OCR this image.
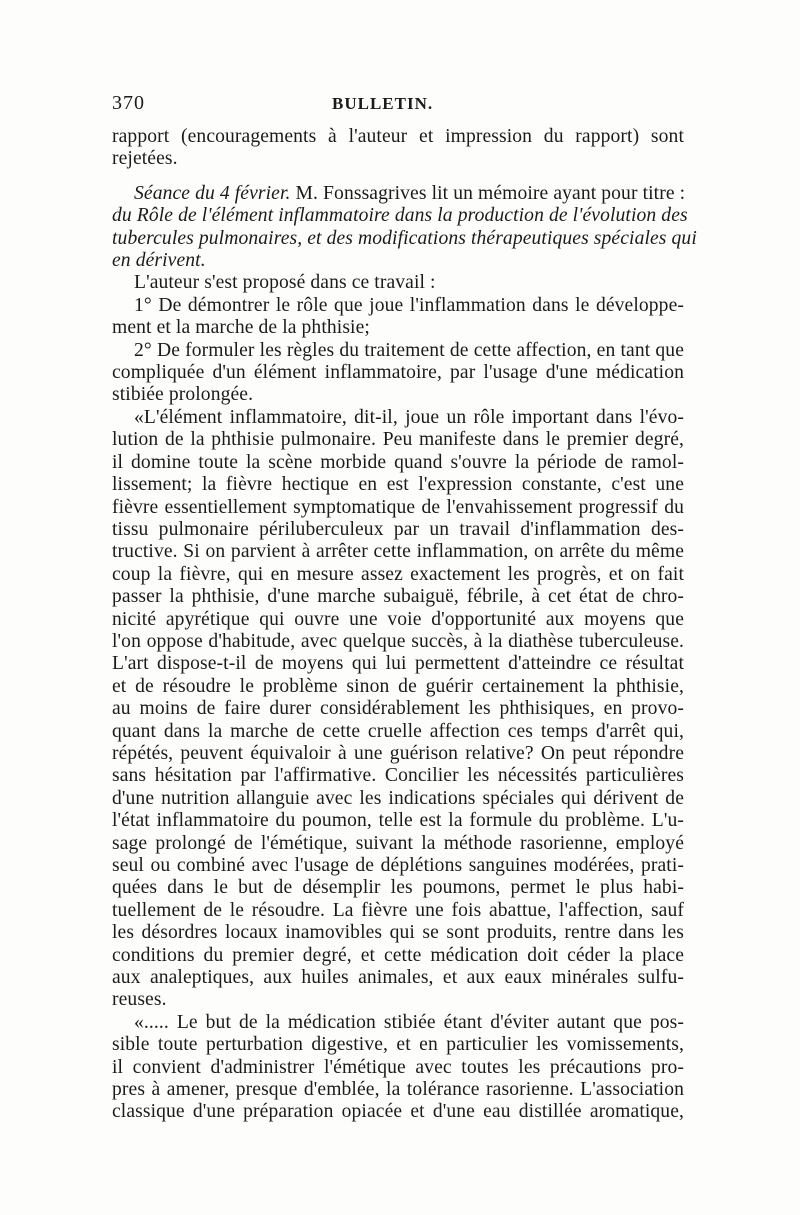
370	BULLETIN.
rapport (encouragements à l'auteur et impression du rapport) sont
rejetées.
Séance du 4 février. M. Fonssagrives lit un mémoire ayant pour titre :
du Rôle de l'élément inflammatoire dans la production de l'évolution des
tubercules pulmonaires, et des modifications thérapeutiques spéciales qui
en dérivent.
L'auteur s'est proposé dans ce travail :
1° De démontrer le rôle que joue l'inflammation dans le développe-
ment et la marche de la phthisie;
2° De formuler les règles du traitement de cette affection, en tant que
compliquée d'un élément inflammatoire, par l'usage d'une médication
stibiée prolongée.
«L'élément inflammatoire, dit-il, joue un rôle important dans l'évo-
lution de la phthisie pulmonaire. Peu manifeste dans le premier degré,
il domine toute la scène morbide quand s'ouvre la période de ramol-
lissement; la fièvre hectique en est l'expression constante, c'est une
fièvre essentiellement symptomatique de l'envahissement progressif du
tissu pulmonaire périluberculeux par un travail d'inflammation des-
tructive. Si on parvient à arrêter cette inflammation, on arrête du même
coup la fièvre, qui en mesure assez exactement les progrès, et on fait
passer la phthisie, d'une marche subaiguë, fébrile, à cet état de chro-
nicité apyrétique qui ouvre une voie d'opportunité aux moyens que
l'on oppose d'habitude, avec quelque succès, à la diathèse tuberculeuse.
L'art dispose-t-il de moyens qui lui permettent d'atteindre ce résultat
et de résoudre le problème sinon de guérir certainement la phthisie,
au moins de faire durer considérablement les phthisiques, en provo-
quant dans la marche de cette cruelle affection ces temps d'arrêt qui,
répétés, peuvent équivaloir à une guérison relative? On peut répondre
sans hésitation par l'affirmative. Concilier les nécessités particulières
d'une nutrition allanguie avec les indications spéciales qui dérivent de
l'état inflammatoire du poumon, telle est la formule du problème. L'u-
sage prolongé de l'émétique, suivant la méthode rasorienne, employé
seul ou combiné avec l'usage de déplétions sanguines modérées, prati-
quées dans le but de désemplir les poumons, permet le plus habi-
tuellement de le résoudre. La fièvre une fois abattue, l'affection, sauf
les désordres locaux inamovibles qui se sont produits, rentre dans les
conditions du premier degré, et cette médication doit céder la place
aux analeptiques, aux huiles animales, et aux eaux minérales sulfu-
reuses.
«..... Le but de la médication stibiée étant d'éviter autant que pos-
sible toute perturbation digestive, et en particulier les vomissements,
il convient d'administrer l'émétique avec toutes les précautions pro-
pres à amener, presque d'emblée, la tolérance rasorienne. L'association
classique d'une préparation opiacée et d'une eau distillée aromatique,
